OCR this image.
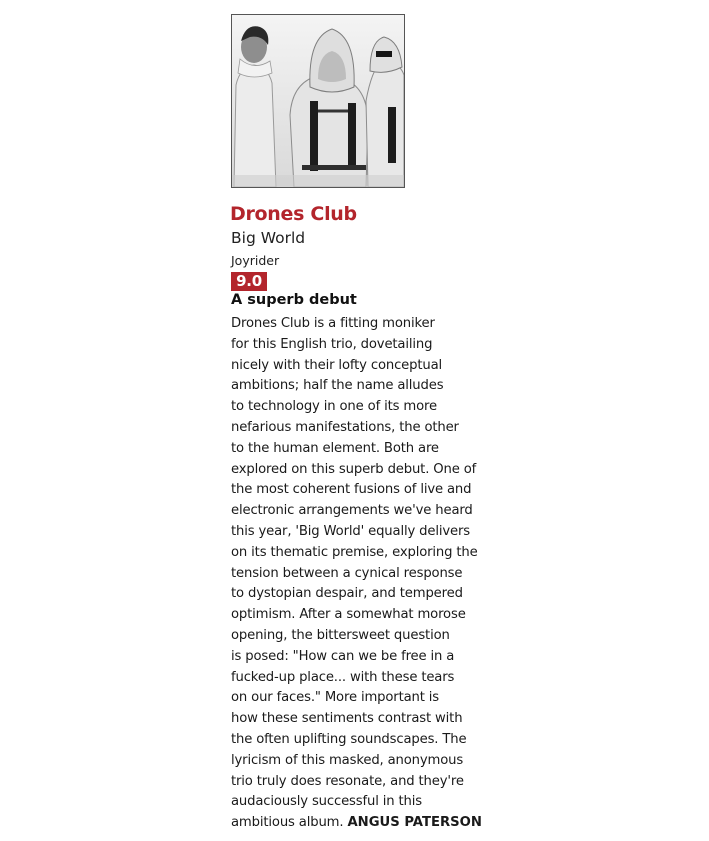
Drones Club
Big World
Joyrider
9.0
A superb debut
Drones Club is a fitting moniker
for this English trio, dovetailing
nicely with their lofty conceptual
ambitions; half the name alludes
to technology in one of its more
nefarious manifestations, the other
to the human element. Both are
explored on this superb debut. One of
the most coherent fusions of live and
electronic arrangements we've heard
this year, 'Big World' equally delivers
on its thematic premise, exploring the
tension between a cynical response
to dystopian despair, and tempered
optimism. After a somewhat morose
opening, the bittersweet question
is posed: "How can we be free in a
fucked-up place... with these tears
on our faces." More important is
how these sentiments contrast with
the often uplifting soundscapes. The
lyricism of this masked, anonymous
trio truly does resonate, and they're
audaciously successful in this
ambitious album. ANGUS PATERSON
